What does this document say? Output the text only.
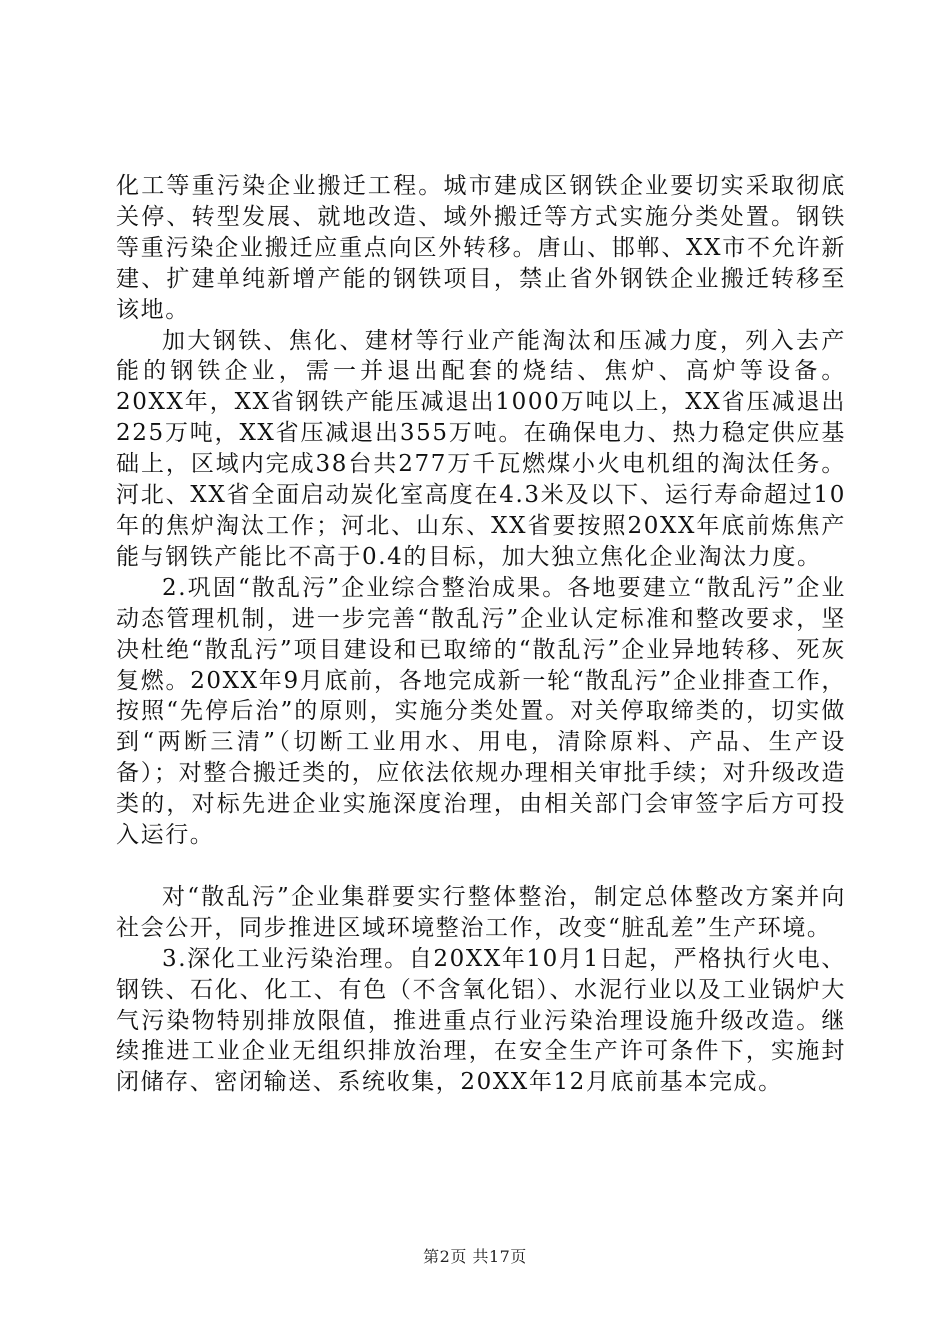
化工等重污染企业搬迁工程。城市建成区钢铁企业要切实采取彻底关停、转型发展、就地改造、域外搬迁等方式实施分类处置。钢铁等重污染企业搬迁应重点向区外转移。唐山、邯郸、XX市不允许新建、扩建单纯新增产能的钢铁项目，禁止省外钢铁企业搬迁转移至该地。

加大钢铁、焦化、建材等行业产能淘汰和压减力度，列入去产能的钢铁企业，需一并退出配套的烧结、焦炉、高炉等设备。20XX年，XX省钢铁产能压减退出1000万吨以上，XX省压减退出225万吨，XX省压减退出355万吨。在确保电力、热力稳定供应基础上，区域内完成38台共277万千瓦燃煤小火电机组的淘汰任务。河北、XX省全面启动炭化室高度在4.3米及以下、运行寿命超过10年的焦炉淘汰工作；河北、山东、XX省要按照20XX年底前炼焦产能与钢铁产能比不高于0.4的目标，加大独立焦化企业淘汰力度。

2.巩固“散乱污”企业综合整治成果。各地要建立“散乱污”企业动态管理机制，进一步完善“散乱污”企业认定标准和整改要求，坚决杜绝“散乱污”项目建设和已取缔的“散乱污”企业异地转移、死灰复燃。20XX年9月底前，各地完成新一轮“散乱污”企业排查工作，按照“先停后治”的原则，实施分类处置。对关停取缔类的，切实做到“两断三清”（切断工业用水、用电，清除原料、产品、生产设备）；对整合搬迁类的，应依法依规办理相关审批手续；对升级改造类的，对标先进企业实施深度治理，由相关部门会审签字后方可投入运行。

对“散乱污”企业集群要实行整体整治，制定总体整改方案并向社会公开，同步推进区域环境整治工作，改变“脏乱差”生产环境。

3.深化工业污染治理。自20XX年10月1日起，严格执行火电、钢铁、石化、化工、有色（不含氧化铝）、水泥行业以及工业锅炉大气污染物特别排放限值，推进重点行业污染治理设施升级改造。继续推进工业企业无组织排放治理，在安全生产许可条件下，实施封闭储存、密闭输送、系统收集，20XX年12月底前基本完成。

第2页 共17页
